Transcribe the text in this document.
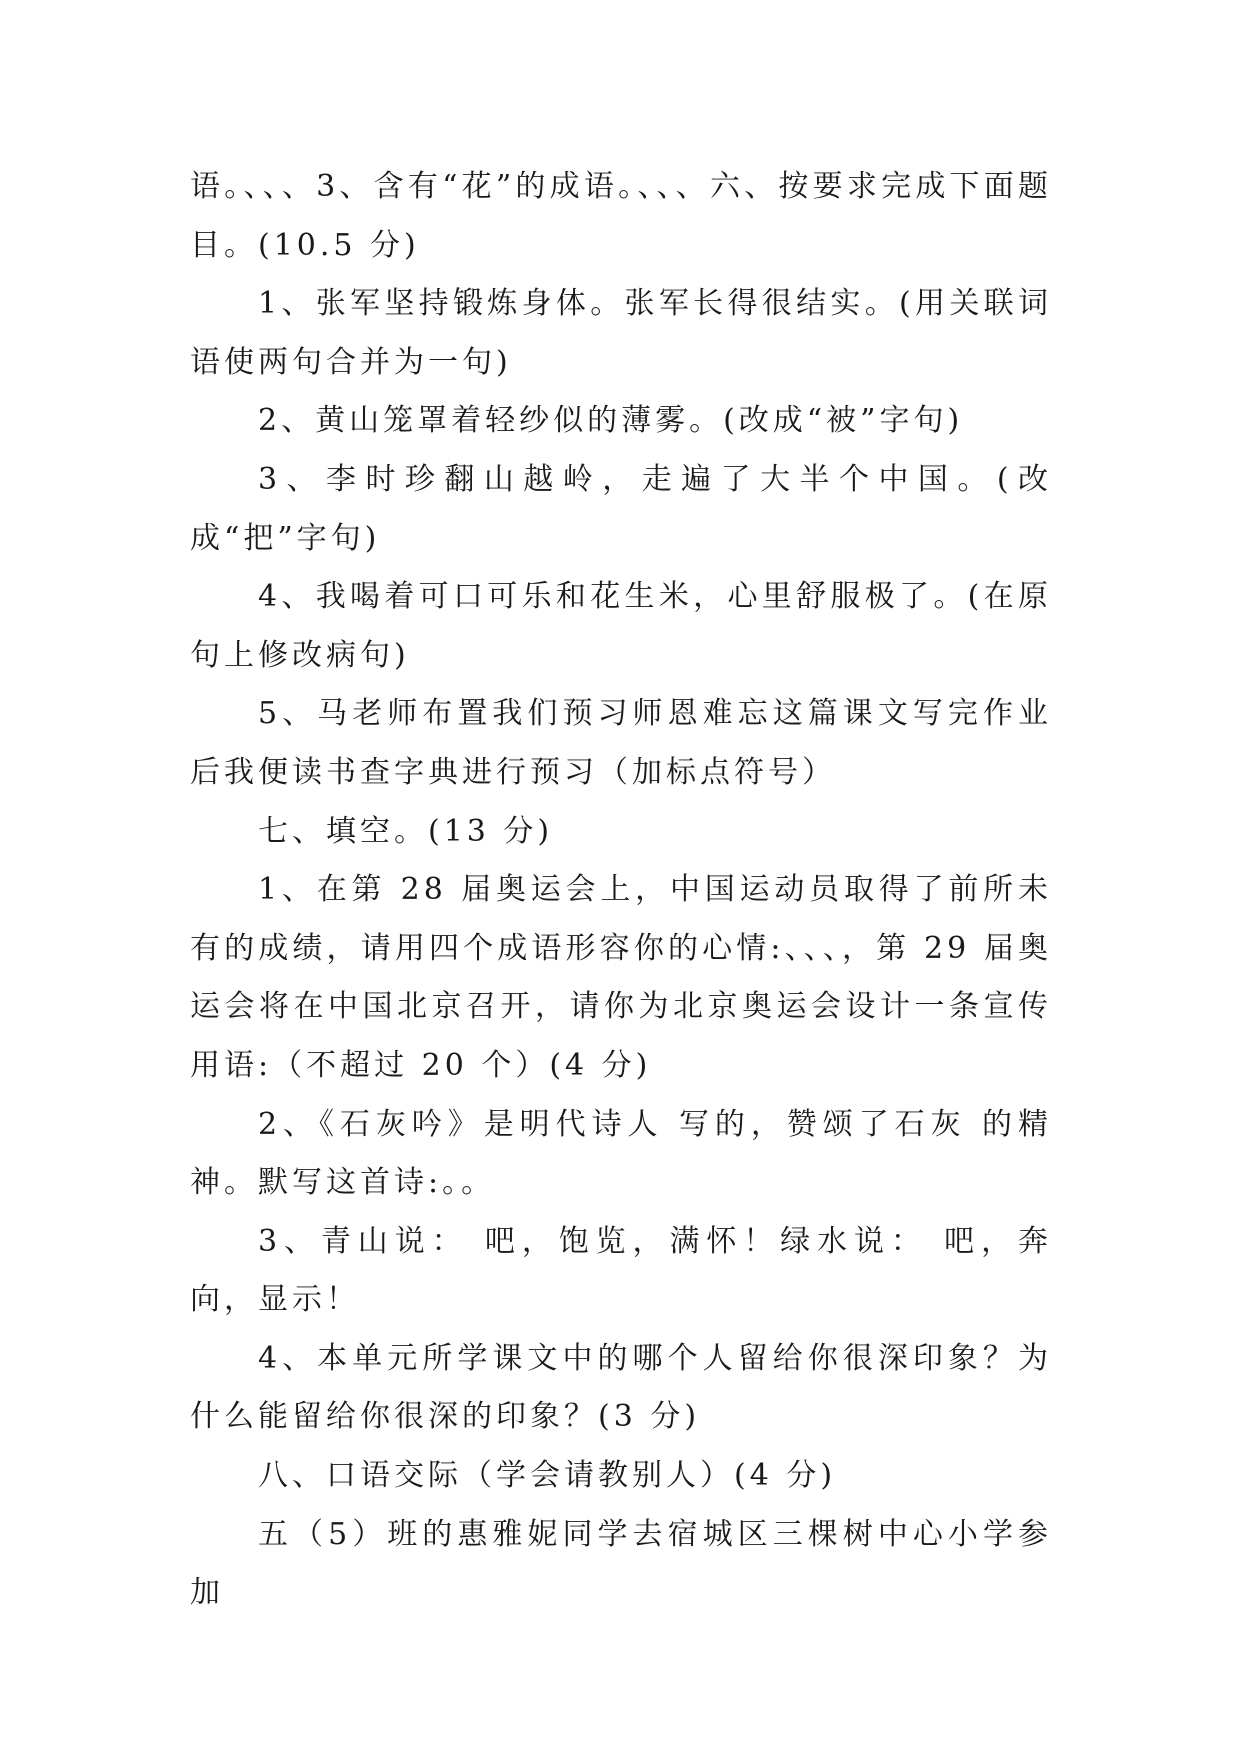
语。、、、3、含有“花”的成语。、、、六、按要求完成下面题目。(10.5 分)

1、张军坚持锻炼身体。张军长得很结实。(用关联词语使两句合并为一句)

2、黄山笼罩着轻纱似的薄雾。(改成“被”字句)

3、李时珍翻山越岭，走遍了大半个中国。(改成“把”字句)

4、我喝着可口可乐和花生米，心里舒服极了。(在原句上修改病句)

5、马老师布置我们预习师恩难忘这篇课文写完作业后我便读书查字典进行预习（加标点符号）

七、填空。(13 分)

1、在第 28 届奥运会上，中国运动员取得了前所未有的成绩，请用四个成语形容你的心情:、、、，第 29 届奥运会将在中国北京召开，请你为北京奥运会设计一条宣传用语:（不超过 20 个）(4 分)

2、《石灰吟》是明代诗人 写的，赞颂了石灰 的精神。默写这首诗:。。

3、青山说： 吧，饱览，满怀！绿水说： 吧，奔向，显示！

4、本单元所学课文中的哪个人留给你很深印象？为什么能留给你很深的印象？(3 分)

八、口语交际（学会请教别人）(4 分)

五（5）班的惠雅妮同学去宿城区三棵树中心小学参加
